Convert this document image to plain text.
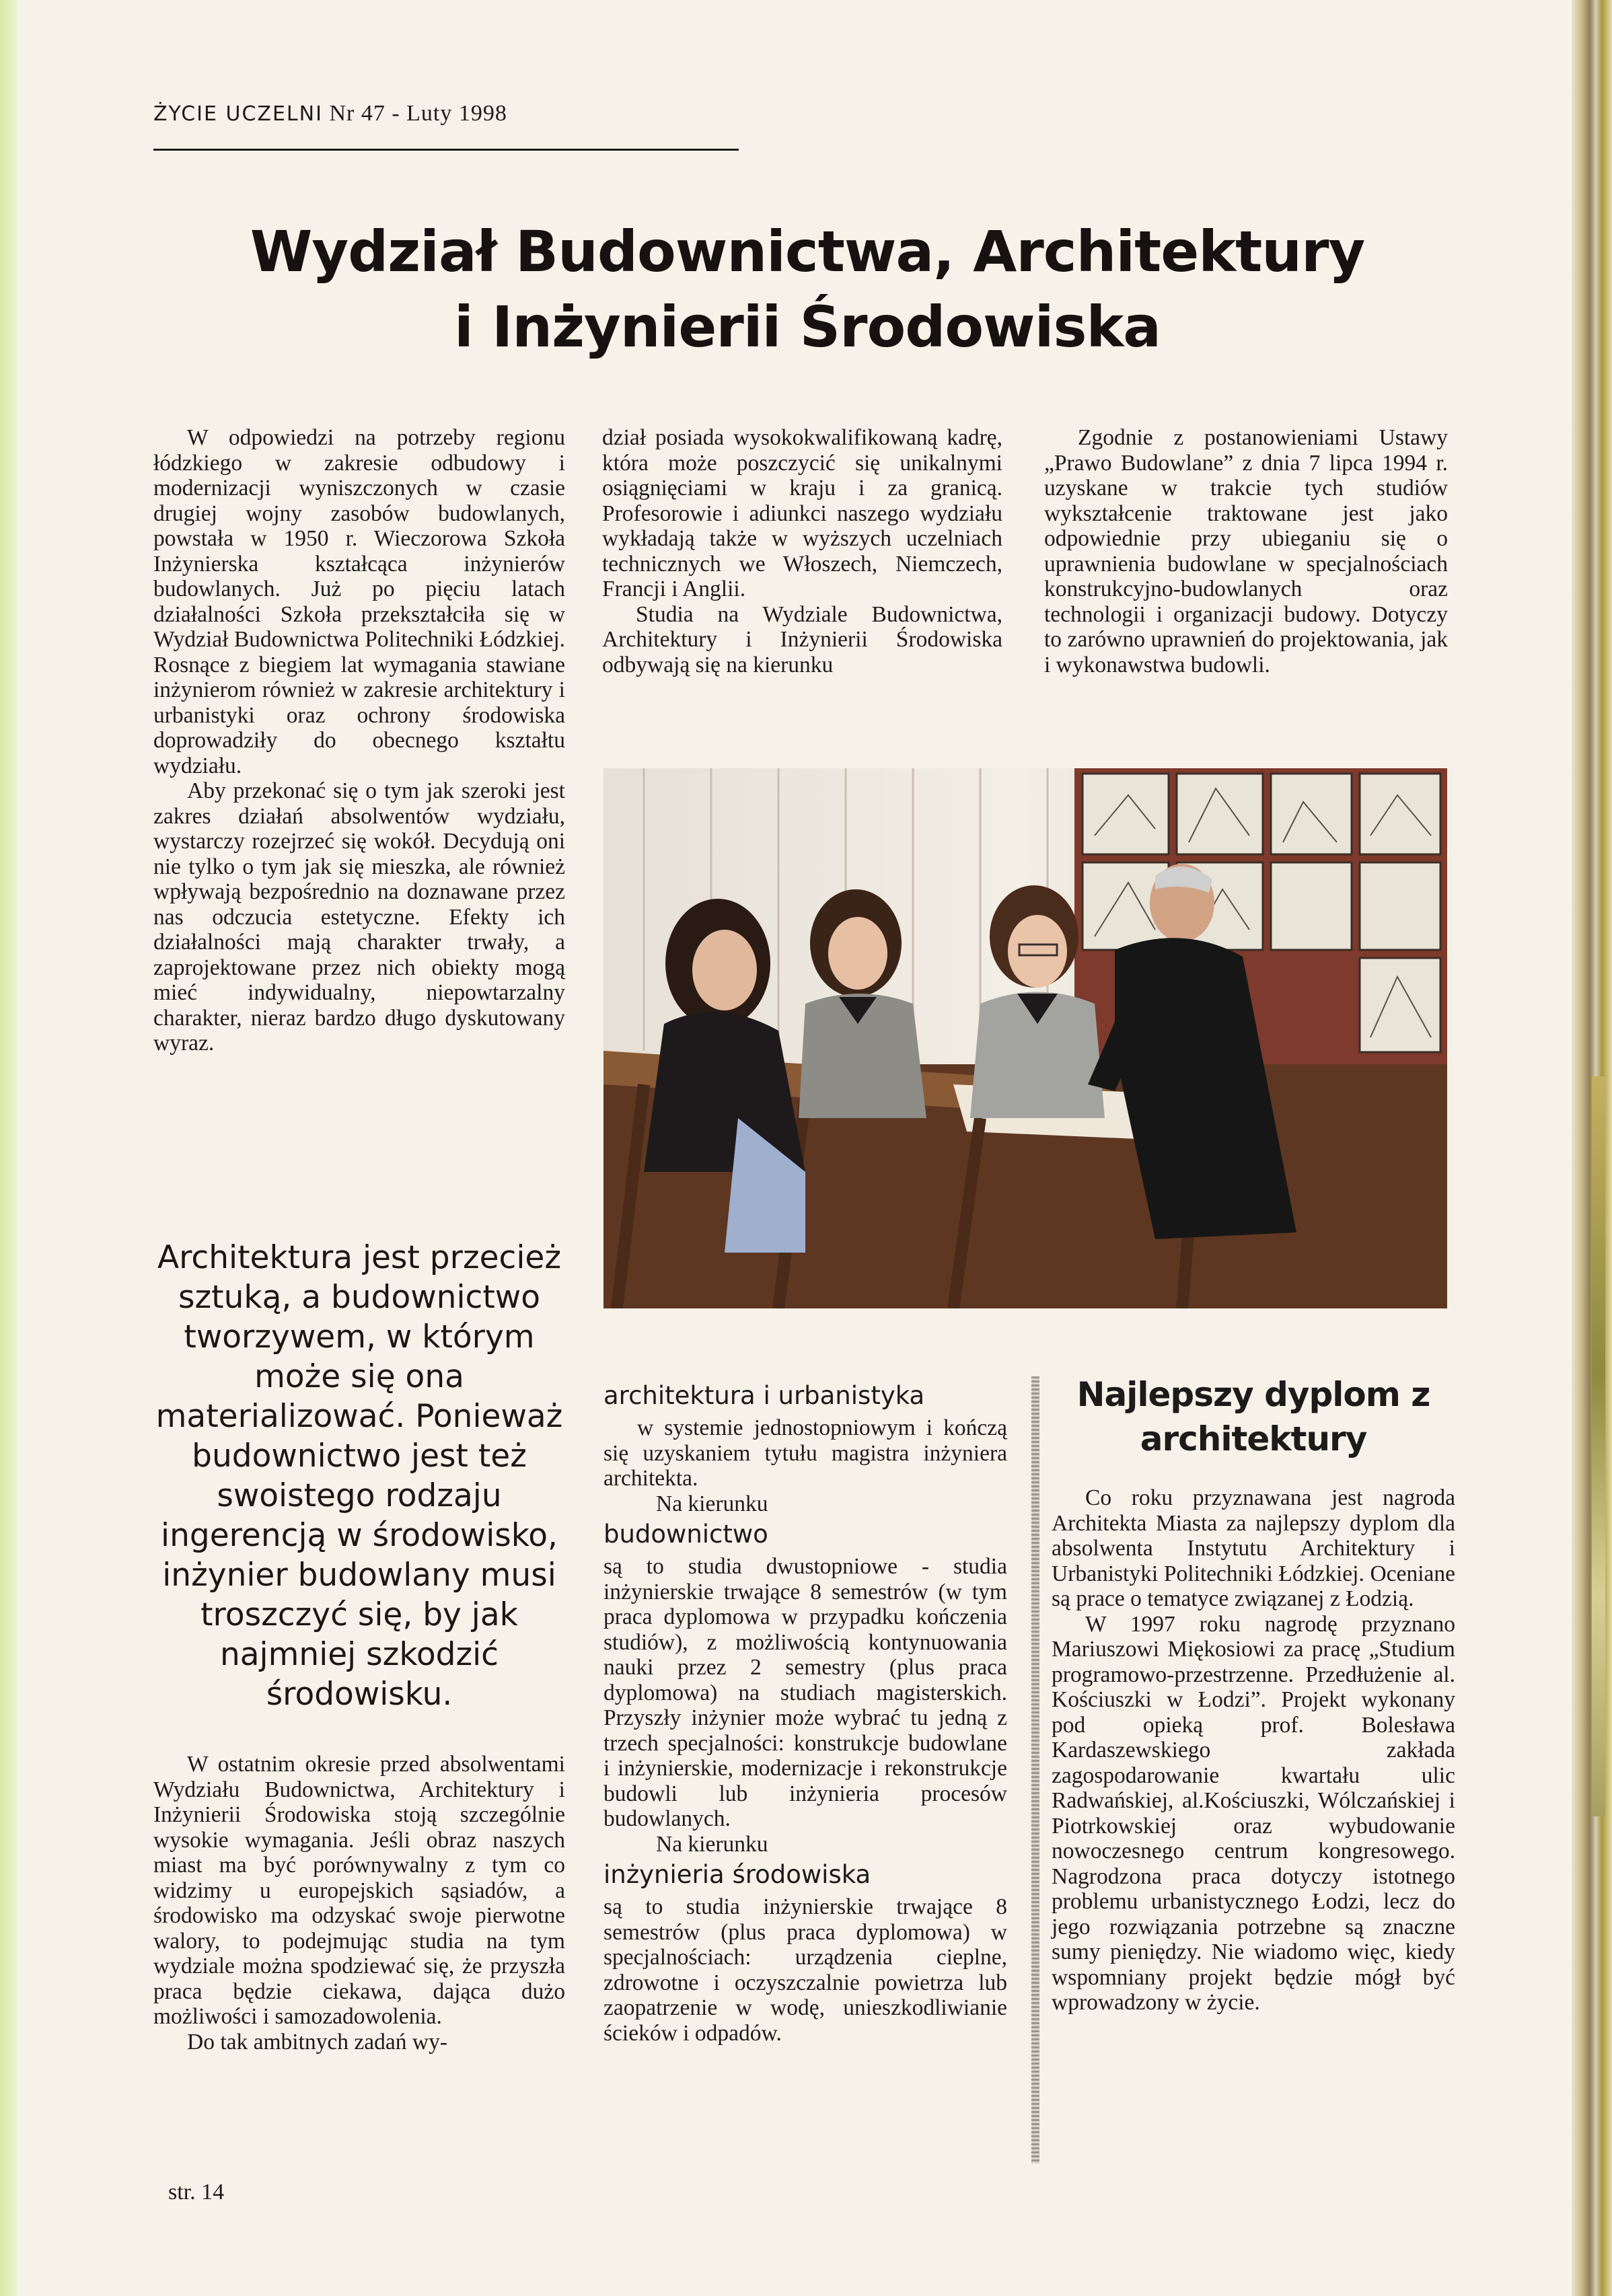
ŻYCIE UCZELNI Nr 47 - Luty 1998
Wydział Budownictwa, Architektury
i Inżynierii Środowiska

W odpowiedzi na potrzeby regionu łódzkiego w zakresie odbudowy i modernizacji wyniszczonych w czasie drugiej wojny zasobów budowlanych, powstała w 1950 r. Wieczorowa Szkoła Inżynierska kształcąca inżynierów budowlanych. Już po pięciu latach działalności Szkoła przekształciła się w Wydział Budownictwa Politechniki Łódzkiej. Rosnące z biegiem lat wymagania stawiane inżynierom również w zakresie architektury i urbanistyki oraz ochrony środowiska doprowadziły do obecnego kształtu wydziału.

Aby przekonać się o tym jak szeroki jest zakres działań absolwentów wydziału, wystarczy rozejrzeć się wokół. Decydują oni nie tylko o tym jak się mieszka, ale również wpływają bezpośrednio na doznawane przez nas odczucia estetyczne. Efekty ich działalności mają charakter trwały, a zaprojektowane przez nich obiekty mogą mieć indywidualny, niepowtarzalny charakter, nieraz bardzo długo dyskutowany wyraz.

dział posiada wysokokwalifikowaną kadrę, która może poszczycić się unikalnymi osiągnięciami w kraju i za granicą. Profesorowie i adiunkci naszego wydziału wykładają także w wyższych uczelniach technicznych we Włoszech, Niemczech, Francji i Anglii.

Studia na Wydziale Budownictwa, Architektury i Inżynierii Środowiska odbywają się na kierunku

Zgodnie z postanowieniami Ustawy „Prawo Budowlane” z dnia 7 lipca 1994 r. uzyskane w trakcie tych studiów wykształcenie traktowane jest jako odpowiednie przy ubieganiu się o uprawnienia budowlane w specjalnościach konstrukcyjno-budowlanych oraz technologii i organizacji budowy. Dotyczy to zarówno uprawnień do projektowania, jak i wykonawstwa budowli.

Architektura jest przecież sztuką, a budownictwo tworzywem, w którym może się ona materializować. Ponieważ budownictwo jest też swoistego rodzaju ingerencją w środowisko, inżynier budowlany musi troszczyć się, by jak najmniej szkodzić środowisku.

W ostatnim okresie przed absolwentami Wydziału Budownictwa, Architektury i Inżynierii Środowiska stoją szczególnie wysokie wymagania. Jeśli obraz naszych miast ma być porównywalny z tym co widzimy u europejskich sąsiadów, a środowisko ma odzyskać swoje pierwotne walory, to podejmując studia na tym wydziale można spodziewać się, że przyszła praca będzie ciekawa, dająca dużo możliwości i samozadowolenia.

Do tak ambitnych zadań wy-

architektura i urbanistyka

w systemie jednostopniowym i kończą się uzyskaniem tytułu magistra inżyniera architekta.

Na kierunku

budownictwo

są to studia dwustopniowe - studia inżynierskie trwające 8 semestrów (w tym praca dyplomowa w przypadku kończenia studiów), z możliwością kontynuowania nauki przez 2 semestry (plus praca dyplomowa) na studiach magisterskich. Przyszły inżynier może wybrać tu jedną z trzech specjalności: konstrukcje budowlane i inżynierskie, modernizacje i rekonstrukcje budowli lub inżynieria procesów budowlanych.

Na kierunku

inżynieria środowiska

są to studia inżynierskie trwające 8 semestrów (plus praca dyplomowa) w specjalnościach: urządzenia cieplne, zdrowotne i oczyszczalnie powietrza lub zaopatrzenie w wodę, unieszkodliwianie ścieków i odpadów.

Najlepszy dyplom z architektury

Co roku przyznawana jest nagroda Architekta Miasta za najlepszy dyplom dla absolwenta Instytutu Architektury i Urbanistyki Politechniki Łódzkiej. Oceniane są prace o tematyce związanej z Łodzią.

W 1997 roku nagrodę przyznano Mariuszowi Miękosiowi za pracę „Studium programowo-przestrzenne. Przedłużenie al. Kościuszki w Łodzi”. Projekt wykonany pod opieką prof. Bolesława Kardaszewskiego zakłada zagospodarowanie kwartału ulic Radwańskiej, al.Kościuszki, Wólczańskiej i Piotrkowskiej oraz wybudowanie nowoczesnego centrum kongresowego. Nagrodzona praca dotyczy istotnego problemu urbanistycznego Łodzi, lecz do jego rozwiązania potrzebne są znaczne sumy pieniędzy. Nie wiadomo więc, kiedy wspomniany projekt będzie mógł być wprowadzony w życie.

str. 14
